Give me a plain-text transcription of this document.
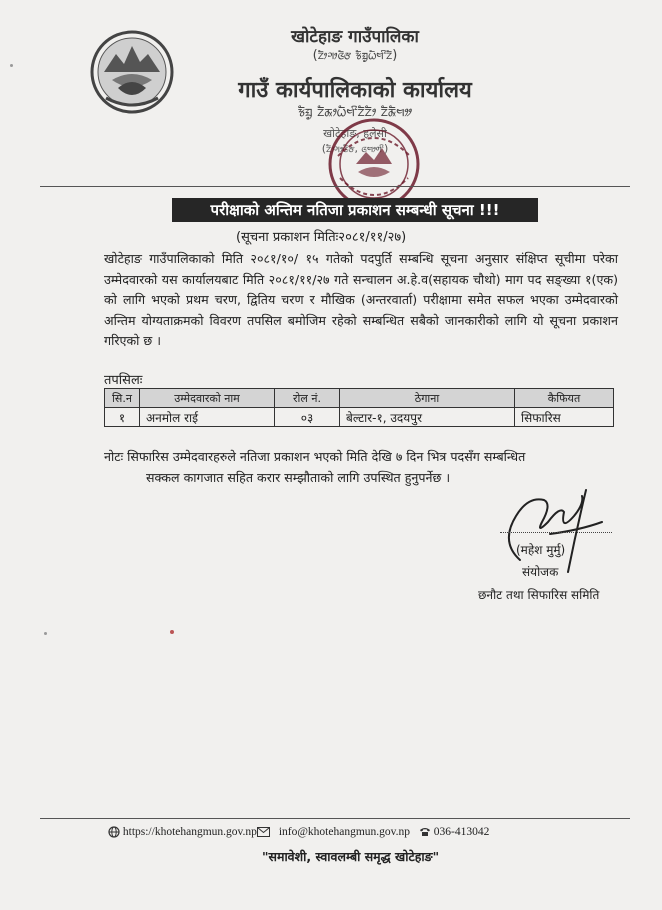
खोटेहाङ गाउँपालिका
(ᤁᤥᤆᤣᤜᤠᤅ ᤃᤠᤀᤢᤐᤠᤗᤡᤁᤠ)
गाउँ कार्यपालिकाको कार्यालय
ᤃᤠᤀᤢ ᤁᤠᤊᤣᤐᤠᤗᤡᤁᤠᤁᤥ ᤁᤠᤊᤠᤗᤤ
खोटेहाङ, हलेसी
(ᤁᤥᤆᤣᤜᤠᤅ, ᤜᤗᤣᤛᤡ)
परीक्षाको अन्तिम नतिजा प्रकाशन सम्बन्धी सूचना !!!
(सूचना प्रकाशन मितिः२०८१/११/२७)
खोटेहाङ गाउँपालिकाको मिति २०८१/१०/ १५ गतेको पदपुर्ति सम्बन्धि सूचना अनुसार संक्षिप्त सूचीमा परेका उम्मेदवारको यस कार्यालयबाट मिति २०८१/११/२७ गते सन्चालन अ.हे.व(सहायक चौथो) माग पद सङ्ख्या १(एक) को लागि भएको प्रथम चरण, द्वितिय चरण र मौखिक (अन्तरवार्ता) परीक्षामा समेत सफल भएका उम्मेदवारको अन्तिम योग्यताक्रमको विवरण तपसिल बमोजिम रहेको सम्बन्धित सबैको जानकारीको लागि यो सूचना प्रकाशन गरिएको छ ।
तपसिलः
सि.न	उम्मेदवारको नाम	रोल नं.	ठेगाना	कैफियत
१	अनमोल राई	०३	बेल्टार-१, उदयपुर	सिफारिस
नोटः सिफारिस उम्मेदवारहरुले नतिजा प्रकाशन भएको मिति देखि ७ दिन भित्र पदसँग सम्बन्धित
सक्कल कागजात सहित करार सम्झौताको लागि उपस्थित हुनुपर्नेछ ।
(महेश मुर्मु)
संयोजक
छनौट तथा सिफारिस समिति
https://khotehangmun.gov.np info@khotehangmun.gov.np 036-413042
"समावेशी, स्वावलम्बी समृद्ध खोटेहाङ"
